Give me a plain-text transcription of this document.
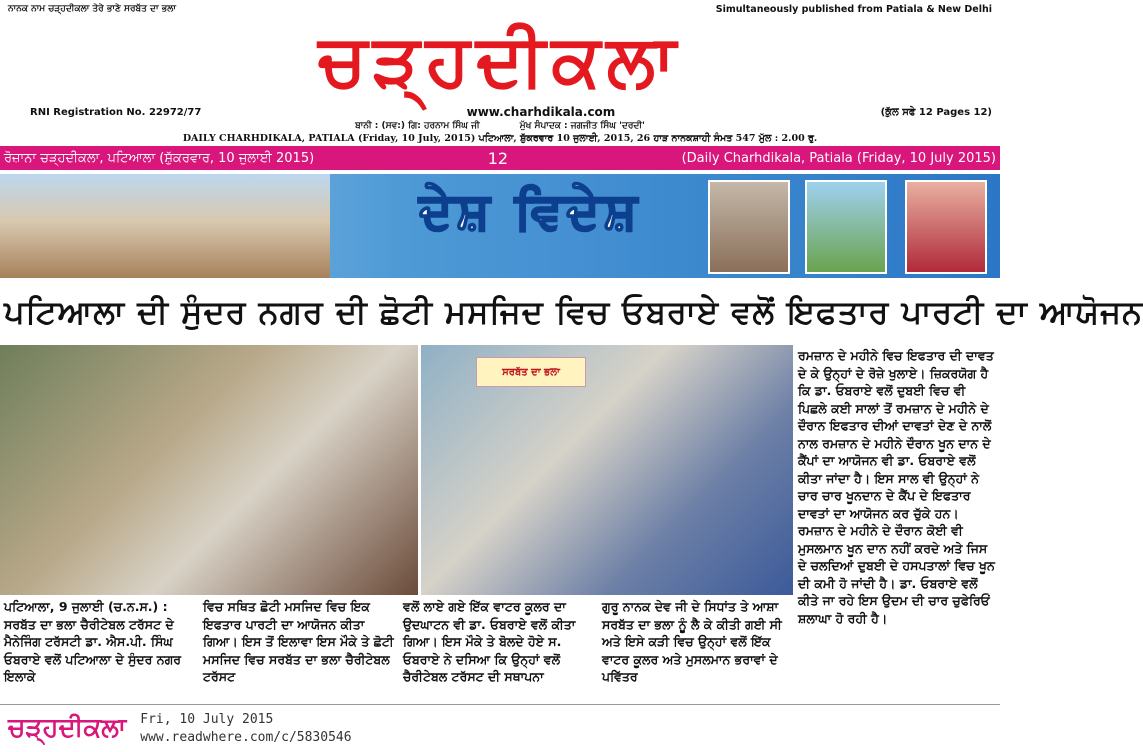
ਨਾਨਕ ਨਾਮ ਚੜ੍ਹਦੀਕਲਾ ਤੇਰੇ ਭਾਣੇ ਸਰਬੱਤ ਦਾ ਭਲਾ	Simultaneously published from Patiala & New Delhi
ਚੜ੍ਹਦੀਕਲਾ
RNI Registration No. 22972/77	www.charhdikala.com	(ਕੁੱਲ ਸਫੇ 12 Pages 12)
ਬਾਨੀ : (ਸਵ:) ਗਿ: ਹਰਨਾਮ ਸਿੰਘ ਜੀ	ਮੁੱਖ ਸੰਪਾਦਕ : ਜਗਜੀਤ ਸਿੰਘ 'ਦਰਦੀ'
DAILY CHARHDIKALA, PATIALA (Friday, 10 July, 2015) ਪਟਿਆਲਾ, ਸ਼ੁੱਕਰਵਾਰ 10 ਜੁਲਾਈ, 2015, 26 ਹਾੜ ਨਾਨਕਸ਼ਾਹੀ ਸੰਮਤ 547 ਮੁੱਲ : 2.00 ਰੁ.
ਰੋਜ਼ਾਨਾ ਚੜ੍ਹਦੀਕਲਾ, ਪਟਿਆਲਾ (ਸ਼ੁੱਕਰਵਾਰ, 10 ਜੁਲਾਈ 2015)	12	(Daily Charhdikala, Patiala (Friday, 10 July 2015)
ਦੇਸ਼ ਵਿਦੇਸ਼
ਪਟਿਆਲਾ ਦੀ ਸੁੰਦਰ ਨਗਰ ਦੀ ਛੋਟੀ ਮਸਜਿਦ ਵਿਚ ਓਬਰਾਏ ਵਲੋਂ ਇਫਤਾਰ ਪਾਰਟੀ ਦਾ ਆਯੋਜਨ
ਸਰਬੱਤ ਦਾ ਭਲਾ
ਰਮਜ਼ਾਨ ਦੇ ਮਹੀਨੇ ਵਿਚ ਇਫਤਾਰ ਦੀ ਦਾਵਤ ਦੇ ਕੇ ਉਨ੍ਹਾਂ ਦੇ ਰੋਜ਼ੇ ਖੁਲਾਏ। ਜ਼ਿਕਰਯੋਗ ਹੈ ਕਿ ਡਾ. ਓਬਰਾਏ ਵਲੋਂ ਦੁਬਈ ਵਿਚ ਵੀ ਪਿਛਲੇ ਕਈ ਸਾਲਾਂ ਤੋਂ ਰਮਜ਼ਾਨ ਦੇ ਮਹੀਨੇ ਦੇ ਦੌਰਾਨ ਇਫਤਾਰ ਦੀਆਂ ਦਾਵਤਾਂ ਦੇਣ ਦੇ ਨਾਲੋਂ ਨਾਲ ਰਮਜ਼ਾਨ ਦੇ ਮਹੀਨੇ ਦੌਰਾਨ ਖੂਨ ਦਾਨ ਦੇ ਕੈਂਪਾਂ ਦਾ ਆਯੋਜਨ ਵੀ ਡਾ. ਓਬਰਾਏ ਵਲੋਂ ਕੀਤਾ ਜਾਂਦਾ ਹੈ। ਇਸ ਸਾਲ ਵੀ ਉਨ੍ਹਾਂ ਨੇ ਚਾਰ ਚਾਰ ਖੂਨਦਾਨ ਦੇ ਕੈਂਪ ਦੇ ਇਫਤਾਰ ਦਾਵਤਾਂ ਦਾ ਆਯੋਜਨ ਕਰ ਚੁੱਕੇ ਹਨ। ਰਮਜ਼ਾਨ ਦੇ ਮਹੀਨੇ ਦੇ ਦੌਰਾਨ ਕੋਈ ਵੀ ਮੁਸਲਮਾਨ ਖੂਨ ਦਾਨ ਨਹੀਂ ਕਰਦੇ ਅਤੇ ਜਿਸ ਦੇ ਚਲਦਿਆਂ ਦੁਬਈ ਦੇ ਹਸਪਤਾਲਾਂ ਵਿਚ ਖੂਨ ਦੀ ਕਮੀ ਹੋ ਜਾਂਦੀ ਹੈ। ਡਾ. ਓਬਰਾਏ ਵਲੋਂ ਕੀਤੇ ਜਾ ਰਹੇ ਇਸ ਉਦਮ ਦੀ ਚਾਰ ਚੁਫੇਰਿਓਂ ਸ਼ਲਾਘਾ ਹੋ ਰਹੀ ਹੈ।
ਪਟਿਆਲਾ, 9 ਜੁਲਾਈ (ਚ.ਨ.ਸ.) : ਸਰਬੱਤ ਦਾ ਭਲਾ ਚੈਰੀਟੇਬਲ ਟਰੱਸਟ ਦੇ ਮੈਨੇਜਿੰਗ ਟਰੱਸਟੀ ਡਾ. ਐਸ.ਪੀ. ਸਿੰਘ ਓਬਰਾਏ ਵਲੋਂ ਪਟਿਆਲਾ ਦੇ ਸੁੰਦਰ ਨਗਰ ਇਲਾਕੇ
ਵਿਚ ਸਥਿਤ ਛੋਟੀ ਮਸਜਿਦ ਵਿਚ ਇਕ ਇਫਤਾਰ ਪਾਰਟੀ ਦਾ ਆਯੋਜਨ ਕੀਤਾ ਗਿਆ। ਇਸ ਤੋਂ ਇਲਾਵਾ ਇਸ ਮੌਕੇ ਤੇ ਛੋਟੀ ਮਸਜਿਦ ਵਿਚ ਸਰਬੱਤ ਦਾ ਭਲਾ ਚੈਰੀਟੇਬਲ ਟਰੱਸਟ
ਵਲੋਂ ਲਾਏ ਗਏ ਇੱਕ ਵਾਟਰ ਕੂਲਰ ਦਾ ਉਦਘਾਟਨ ਵੀ ਡਾ. ਓਬਰਾਏ ਵਲੋਂ ਕੀਤਾ ਗਿਆ। ਇਸ ਮੌਕੇ ਤੇ ਬੋਲਦੇ ਹੋਏ ਸ. ਓਬਰਾਏ ਨੇ ਦਸਿਆ ਕਿ ਉਨ੍ਹਾਂ ਵਲੋਂ ਚੈਰੀਟੇਬਲ ਟਰੱਸਟ ਦੀ ਸਥਾਪਨਾ
ਗੁਰੂ ਨਾਨਕ ਦੇਵ ਜੀ ਦੇ ਸਿਧਾਂਤ ਤੇ ਆਸ਼ਾ ਸਰਬੱਤ ਦਾ ਭਲਾ ਨੂੰ ਲੈ ਕੇ ਕੀਤੀ ਗਈ ਸੀ ਅਤੇ ਇਸੇ ਕੜੀ ਵਿਚ ਉਨ੍ਹਾਂ ਵਲੋਂ ਇੱਕ ਵਾਟਰ ਕੂਲਰ ਅਤੇ ਮੁਸਲਮਾਨ ਭਰਾਵਾਂ ਦੇ ਪਵਿੱਤਰ
ਚੜ੍ਹਦੀਕਲਾ Fri, 10 July 2015
www.readwhere.com/c/5830546
